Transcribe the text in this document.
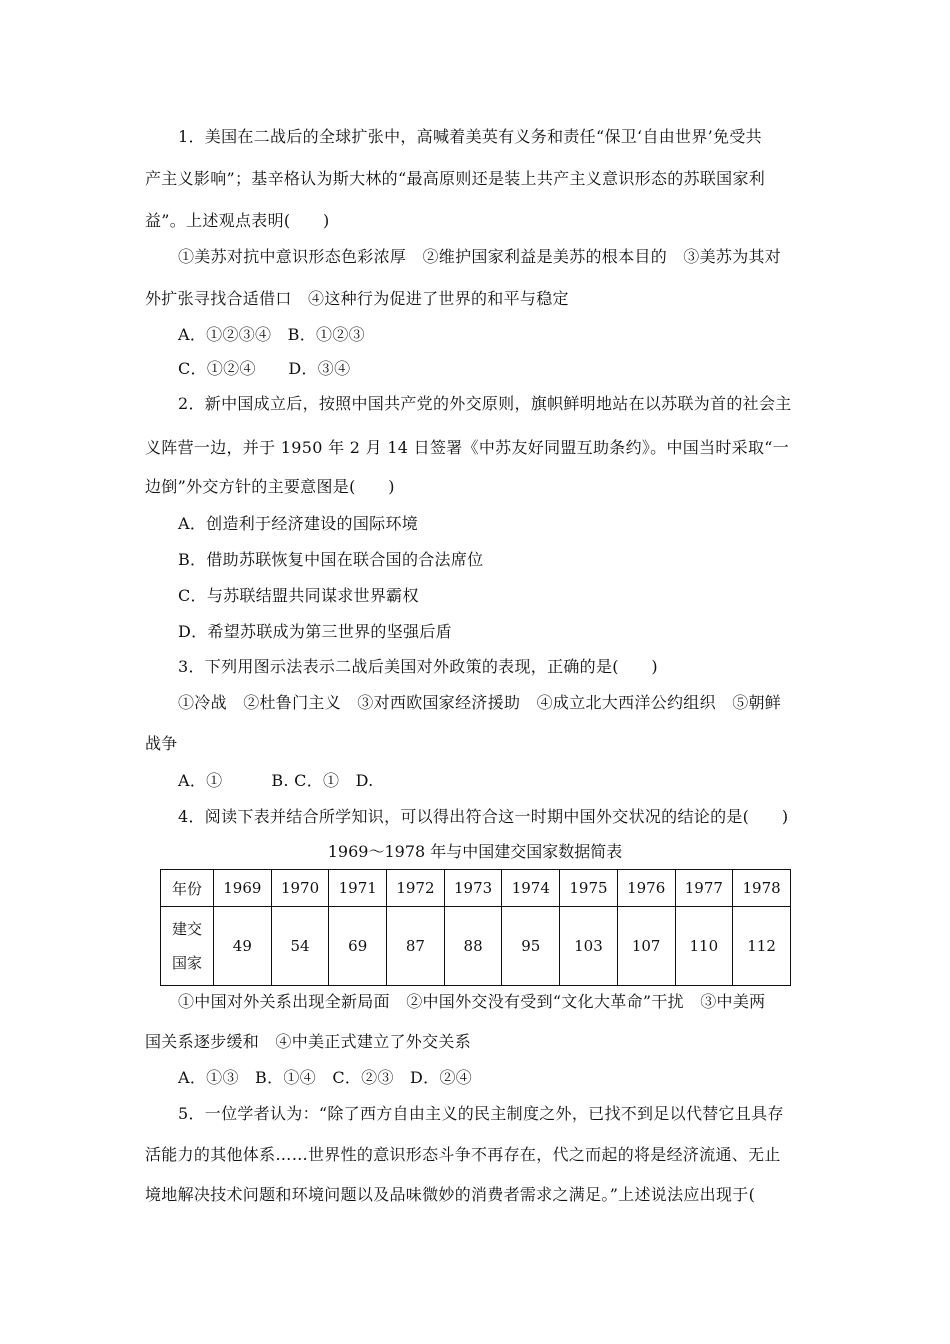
1．美国在二战后的全球扩张中，高喊着美英有义务和责任“保卫‘自由世界’免受共
产主义影响”；基辛格认为斯大林的“最高原则还是装上共产主义意识形态的苏联国家利
益”。上述观点表明(　　)
①美苏对抗中意识形态色彩浓厚　②维护国家利益是美苏的根本目的　③美苏为其对
外扩张寻找合适借口　④这种行为促进了世界的和平与稳定
A．①②③④　B．①②③
C．①②④　　D．③④
2．新中国成立后，按照中国共产党的外交原则，旗帜鲜明地站在以苏联为首的社会主
义阵营一边，并于 1950 年 2 月 14 日签署《中苏友好同盟互助条约》。中国当时采取“一
边倒”外交方针的主要意图是(　　)
A．创造利于经济建设的国际环境
B．借助苏联恢复中国在联合国的合法席位
C．与苏联结盟共同谋求世界霸权
D．希望苏联成为第三世界的坚强后盾
3．下列用图示法表示二战后美国对外政策的表现，正确的是(　　)
①冷战　②杜鲁门主义　③对西欧国家经济援助　④成立北大西洋公约组织　⑤朝鲜
战争
A．①　　　B. C．①　D.
4．阅读下表并结合所学知识，可以得出符合这一时期中国外交状况的结论的是(　　)
1969～1978 年与中国建交国家数据简表
年份	1969	1970	1971	1972	1973	1974	1975	1976	1977	1978

建交
国家	49	54	69	87	88	95	103	107	110	112
①中国对外关系出现全新局面　②中国外交没有受到“文化大革命”干扰　③中美两
国关系逐步缓和　④中美正式建立了外交关系
A．①③　B．①④　C．②③　D．②④
5．一位学者认为：“除了西方自由主义的民主制度之外，已找不到足以代替它且具存
活能力的其他体系……世界性的意识形态斗争不再存在，代之而起的将是经济流通、无止
境地解决技术问题和环境问题以及品味微妙的消费者需求之满足。”上述说法应出现于(
